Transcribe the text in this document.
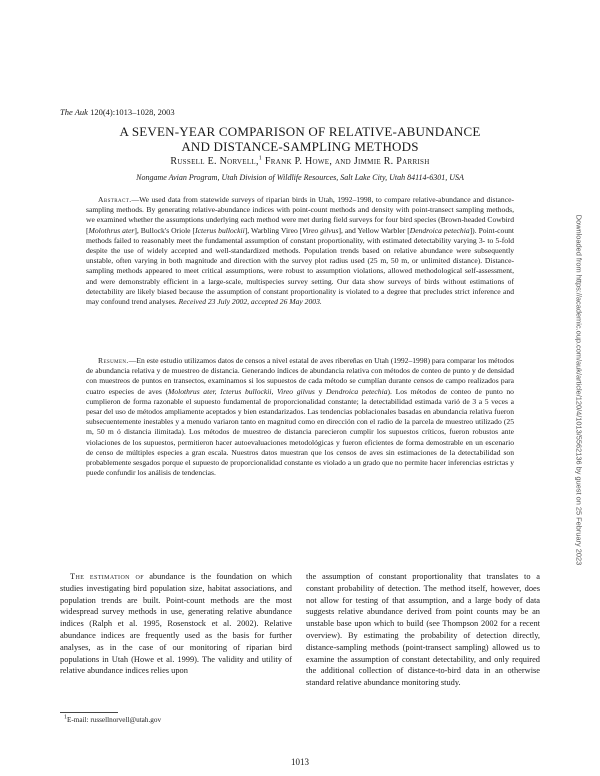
The Auk 120(4):1013–1028, 2003
A SEVEN-YEAR COMPARISON OF RELATIVE-ABUNDANCE
AND DISTANCE-SAMPLING METHODS
Russell E. Norvell,$^1$ Frank P. Howe, and Jimmie R. Parrish
Nongame Avian Program, Utah Division of Wildlife Resources, Salt Lake City, Utah 84114-6301, USA

Abstract.—We used data from statewide surveys of riparian birds in Utah, 1992–1998, to compare relative-abundance and distance-sampling methods. By generating relative-abundance indices with point-count methods and density with point-transect sampling methods, we examined whether the assumptions underlying each method were met during field surveys for four bird species (Brown-headed Cowbird [Molothrus ater], Bullock's Oriole [Icterus bullockii], Warbling Vireo [Vireo gilvus], and Yellow Warbler [Dendroica petechia]). Point-count methods failed to reasonably meet the fundamental assumption of constant proportionality, with estimated detectability varying 3- to 5-fold despite the use of widely accepted and well-standardized methods. Population trends based on relative abundance were subsequently unstable, often varying in both magnitude and direction with the survey plot radius used (25 m, 50 m, or unlimited distance). Distance-sampling methods appeared to meet critical assumptions, were robust to assumption violations, allowed methodological self-assessment, and were demonstrably efficient in a large-scale, multispecies survey setting. Our data show surveys of birds without estimations of detectability are likely biased because the assumption of constant proportionality is violated to a degree that precludes strict inference and may confound trend analyses. Received 23 July 2002, accepted 26 May 2003.

Resumen.—En este estudio utilizamos datos de censos a nivel estatal de aves ribereñas en Utah (1992–1998) para comparar los métodos de abundancia relativa y de muestreo de distancia. Generando índices de abundancia relativa con métodos de conteo de punto y de densidad con muestreos de puntos en transectos, examinamos si los supuestos de cada método se cumplían durante censos de campo realizados para cuatro especies de aves (Molothrus ater, Icterus bullockii, Vireo gilvus y Dendroica petechia). Los métodos de conteo de punto no cumplieron de forma razonable el supuesto fundamental de proporcionalidad constante; la detectabilidad estimada varió de 3 a 5 veces a pesar del uso de métodos ampliamente aceptados y bien estandarizados. Las tendencias poblacionales basadas en abundancia relativa fueron subsecuentemente inestables y a menudo variaron tanto en magnitud como en dirección con el radio de la parcela de muestreo utilizado (25 m, 50 m ó distancia ilimitada). Los métodos de muestreo de distancia parecieron cumplir los supuestos críticos, fueron robustos ante violaciones de los supuestos, permitieron hacer autoevaluaciones metodológicas y fueron eficientes de forma demostrable en un escenario de censo de múltiples especies a gran escala. Nuestros datos muestran que los censos de aves sin estimaciones de la detectabilidad son probablemente sesgados porque el supuesto de proporcionalidad constante es violado a un grado que no permite hacer inferencias estrictas y puede confundir los análisis de tendencias.

The estimation of abundance is the foundation on which studies investigating bird population size, habitat associations, and population trends are built. Point-count methods are the most widespread survey methods in use, generating relative abundance indices (Ralph et al. 1995, Rosenstock et al. 2002). Relative abundance indices are frequently used as the basis for further analyses, as in the case of our monitoring of riparian bird populations in Utah (Howe et al. 1999). The validity and utility of relative abundance indices relies upon

the assumption of constant proportionality that translates to a constant probability of detection. The method itself, however, does not allow for testing of that assumption, and a large body of data suggests relative abundance derived from point counts may be an unstable base upon which to build (see Thompson 2002 for a recent overview). By estimating the probability of detection directly, distance-sampling methods (point-transect sampling) allowed us to examine the assumption of constant detectability, and only required the additional collection of distance-to-bird data in an otherwise standard relative abundance monitoring study.

$^1$E-mail: russellnorvell@utah.gov
1013
Downloaded from https://academic.oup.com/auk/article/120/4/1013/5562136 by guest on 25 February 2023
